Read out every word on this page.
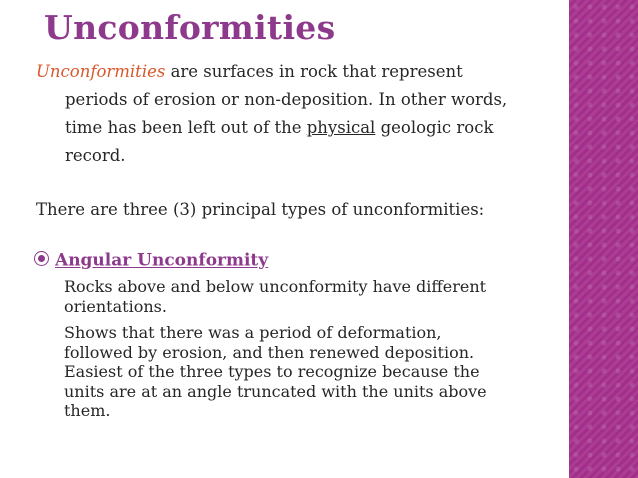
Unconformities
Unconformities are surfaces in rock that represent
periods of erosion or non-deposition. In other words,
time has been left out of the physical geologic rock
record.
There are three (3) principal types of unconformities:
Angular Unconformity
Rocks above and below unconformity have different
orientations.
Shows that there was a period of deformation,
followed by erosion, and then renewed deposition.
Easiest of the three types to recognize because the
units are at an angle truncated with the units above
them.
